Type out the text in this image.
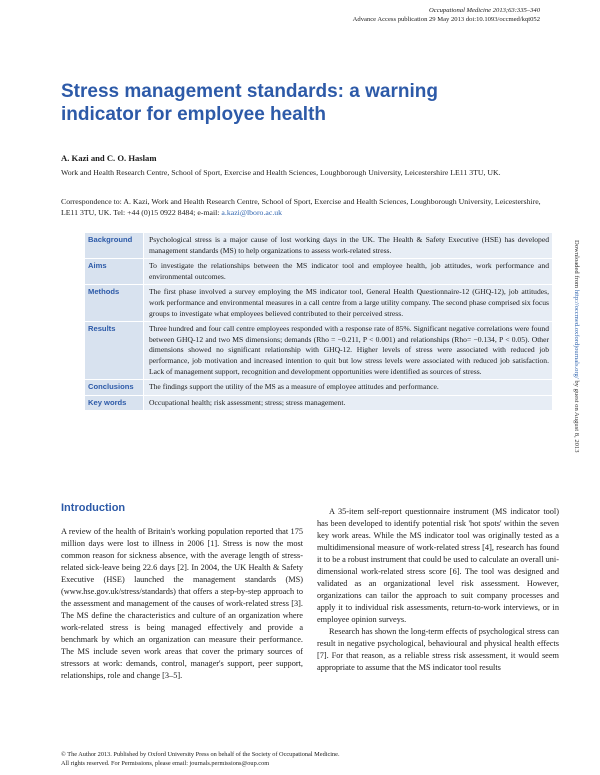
Occupational Medicine 2013;63:335–340
Advance Access publication 29 May 2013 doi:10.1093/occmed/kqt052
Stress management standards: a warning indicator for employee health
A. Kazi and C. O. Haslam
Work and Health Research Centre, School of Sport, Exercise and Health Sciences, Loughborough University, Leicestershire LE11 3TU, UK.
Correspondence to: A. Kazi, Work and Health Research Centre, School of Sport, Exercise and Health Sciences, Loughborough University, Leicestershire, LE11 3TU, UK. Tel: +44 (0)15 0922 8484; e-mail: a.kazi@lboro.ac.uk
Background	Psychological stress is a major cause of lost working days in the UK. The Health & Safety Executive (HSE) has developed management standards (MS) to help organizations to assess work-related stress.
Aims	To investigate the relationships between the MS indicator tool and employee health, job attitudes, work performance and environmental outcomes.
Methods	The first phase involved a survey employing the MS indicator tool, General Health Questionnaire-12 (GHQ-12), job attitudes, work performance and environmental measures in a call centre from a large utility company. The second phase comprised six focus groups to investigate what employees believed contributed to their perceived stress.
Results	Three hundred and four call centre employees responded with a response rate of 85%. Significant negative correlations were found between GHQ-12 and two MS dimensions; demands (Rho = −0.211, P < 0.001) and relationships (Rho= −0.134, P < 0.05). Other dimensions showed no significant relationship with GHQ-12. Higher levels of stress were associated with reduced job performance, job motivation and increased intention to quit but low stress levels were associated with reduced job satisfaction. Lack of management support, recognition and development opportunities were identified as sources of stress.
Conclusions	The findings support the utility of the MS as a measure of employee attitudes and performance.
Key words	Occupational health; risk assessment; stress; stress management.
Downloaded from http://occmed.oxfordjournals.org/ by guest on August 8, 2013
Introduction

A review of the health of Britain's working population reported that 175 million days were lost to illness in 2006 [1]. Stress is now the most common reason for sickness absence, with the average length of stress-related sick-leave being 22.6 days [2]. In 2004, the UK Health & Safety Executive (HSE) launched the management standards (MS) (www.hse.gov.uk/stress/standards) that offers a step-by-step approach to the assessment and management of the causes of work-related stress [3]. The MS define the characteristics and culture of an organization where work-related stress is being managed effectively and provide a benchmark by which an organization can measure their performance. The MS include seven work areas that cover the primary sources of stressors at work: demands, control, manager's support, peer support, relationships, role and change [3–5].

A 35-item self-report questionnaire instrument (MS indicator tool) has been developed to identify potential risk 'hot spots' within the seven key work areas. While the MS indicator tool was originally tested as a multidimensional measure of work-related stress [4], research has found it to be a robust instrument that could be used to calculate an overall uni-dimensional work-related stress score [6]. The tool was designed and validated as an organizational level risk assessment. However, organizations can tailor the approach to suit company processes and apply it to individual risk assessments, return-to-work interviews, or in employee opinion surveys.

Research has shown the long-term effects of psychological stress can result in negative psychological, behavioural and physical health effects [7]. For that reason, as a reliable stress risk assessment, it would seem appropriate to assume that the MS indicator tool results

© The Author 2013. Published by Oxford University Press on behalf of the Society of Occupational Medicine.
All rights reserved. For Permissions, please email: journals.permissions@oup.com
